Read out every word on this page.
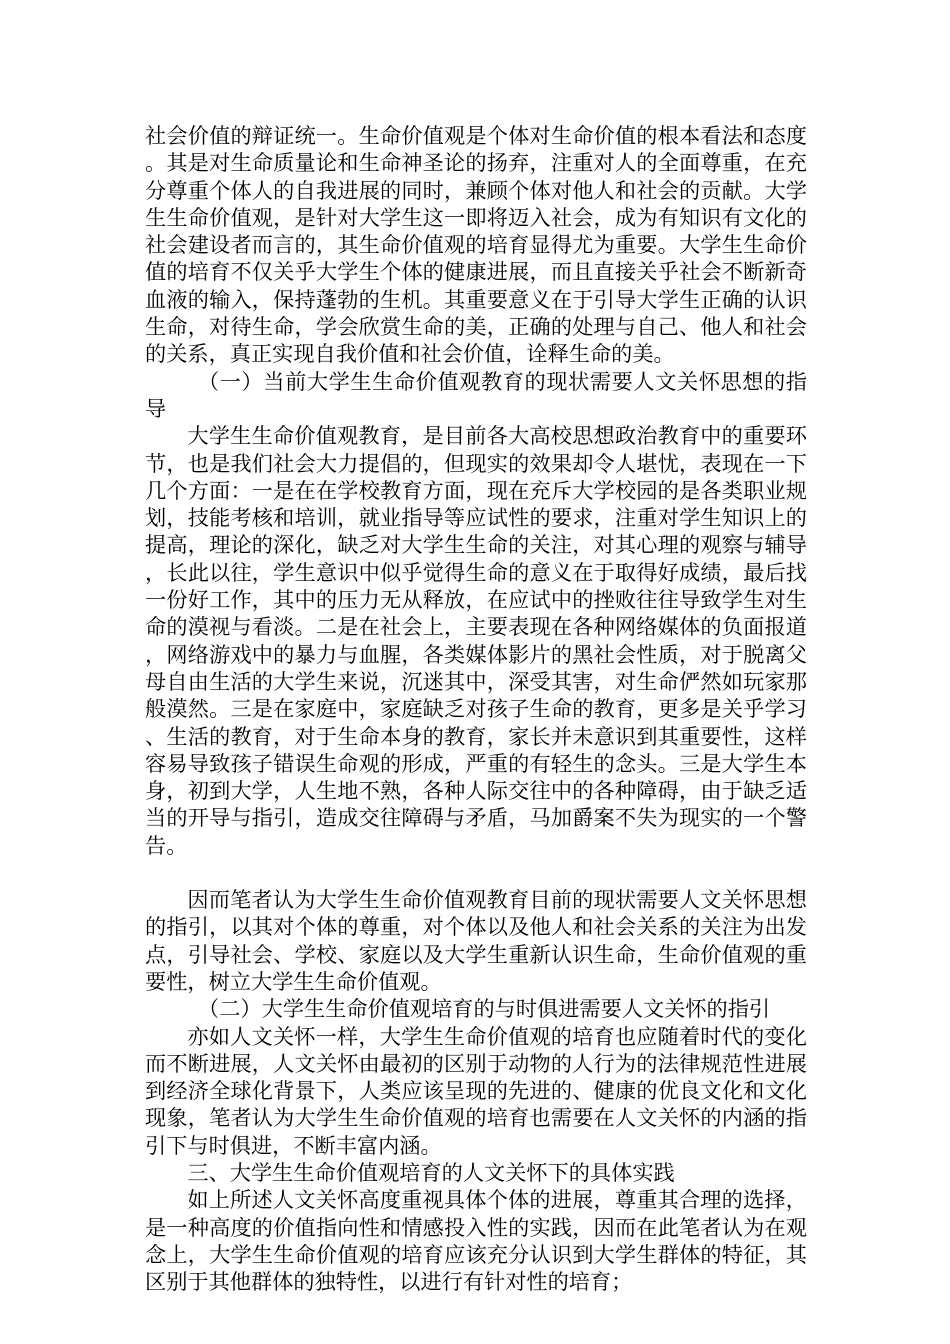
社会价值的辩证统一。生命价值观是个体对生命价值的根本看法和态度。其是对生命质量论和生命神圣论的扬弃，注重对人的全面尊重，在充分尊重个体人的自我进展的同时，兼顾个体对他人和社会的贡献。大学生生命价值观，是针对大学生这一即将迈入社会，成为有知识有文化的社会建设者而言的，其生命价值观的培育显得尤为重要。大学生生命价值的培育不仅关乎大学生个体的健康进展，而且直接关乎社会不断新奇血液的输入，保持蓬勃的生机。其重要意义在于引导大学生正确的认识生命，对待生命，学会欣赏生命的美，正确的处理与自己、他人和社会的关系，真正实现自我价值和社会价值，诠释生命的美。

（一）当前大学生生命价值观教育的现状需要人文关怀思想的指导

大学生生命价值观教育，是目前各大高校思想政治教育中的重要环节，也是我们社会大力提倡的，但现实的效果却令人堪忧，表现在一下几个方面：一是在在学校教育方面，现在充斥大学校园的是各类职业规划，技能考核和培训，就业指导等应试性的要求，注重对学生知识上的提高，理论的深化，缺乏对大学生生命的关注，对其心理的观察与辅导，长此以往，学生意识中似乎觉得生命的意义在于取得好成绩，最后找一份好工作，其中的压力无从释放，在应试中的挫败往往导致学生对生命的漠视与看淡。二是在社会上，主要表现在各种网络媒体的负面报道，网络游戏中的暴力与血腥，各类媒体影片的黑社会性质，对于脱离父母自由生活的大学生来说，沉迷其中，深受其害，对生命俨然如玩家那般漠然。三是在家庭中，家庭缺乏对孩子生命的教育，更多是关乎学习、生活的教育，对于生命本身的教育，家长并未意识到其重要性，这样容易导致孩子错误生命观的形成，严重的有轻生的念头。三是大学生本身，初到大学，人生地不熟，各种人际交往中的各种障碍，由于缺乏适当的开导与指引，造成交往障碍与矛盾，马加爵案不失为现实的一个警告。

因而笔者认为大学生生命价值观教育目前的现状需要人文关怀思想的指引，以其对个体的尊重，对个体以及他人和社会关系的关注为出发点，引导社会、学校、家庭以及大学生重新认识生命，生命价值观的重要性，树立大学生生命价值观。

（二）大学生生命价值观培育的与时俱进需要人文关怀的指引

亦如人文关怀一样，大学生生命价值观的培育也应随着时代的变化而不断进展，人文关怀由最初的区别于动物的人行为的法律规范性进展到经济全球化背景下，人类应该呈现的先进的、健康的优良文化和文化现象，笔者认为大学生生命价值观的培育也需要在人文关怀的内涵的指引下与时俱进，不断丰富内涵。

三、大学生生命价值观培育的人文关怀下的具体实践

如上所述人文关怀高度重视具体个体的进展，尊重其合理的选择，是一种高度的价值指向性和情感投入性的实践，因而在此笔者认为在观念上，大学生生命价值观的培育应该充分认识到大学生群体的特征，其区别于其他群体的独特性，以进行有针对性的培育；
